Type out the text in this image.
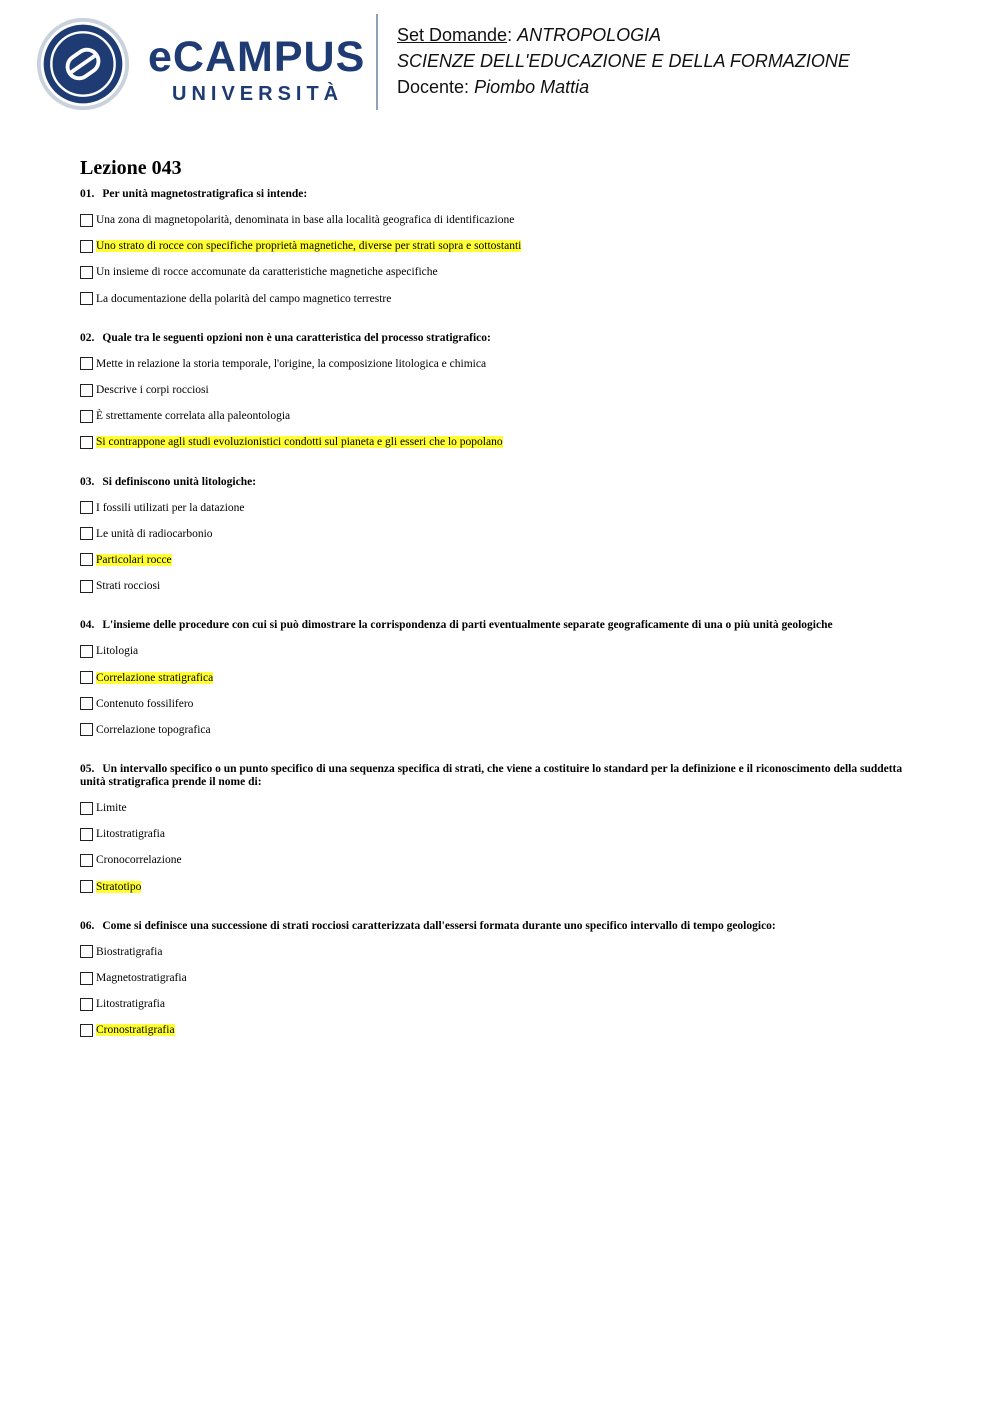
eCAMPUS
UNIVERSITÀ
Set Domande: ANTROPOLOGIA
SCIENZE DELL'EDUCAZIONE E DELLA FORMAZIONE
Docente: Piombo Mattia
Lezione 043
01. Per unità magnetostratigrafica si intende:
Una zona di magnetopolarità, denominata in base alla località geografica di identificazione
Uno strato di rocce con specifiche proprietà magnetiche, diverse per strati sopra e sottostanti
Un insieme di rocce accomunate da caratteristiche magnetiche aspecifiche
La documentazione della polarità del campo magnetico terrestre
02. Quale tra le seguenti opzioni non è una caratteristica del processo stratigrafico:
Mette in relazione la storia temporale, l'origine, la composizione litologica e chimica
Descrive i corpi rocciosi
È strettamente correlata alla paleontologia
Si contrappone agli studi evoluzionistici condotti sul pianeta e gli esseri che lo popolano
03. Si definiscono unità litologiche:
I fossili utilizati per la datazione
Le unità di radiocarbonio
Particolari rocce
Strati rocciosi
04. L'insieme delle procedure con cui si può dimostrare la corrispondenza di parti eventualmente separate geograficamente di una o più unità geologiche
Litologia
Correlazione stratigrafica
Contenuto fossilifero
Correlazione topografica
05. Un intervallo specifico o un punto specifico di una sequenza specifica di strati, che viene a costituire lo standard per la definizione e il riconoscimento della suddetta unità stratigrafica prende il nome di:
Limite
Litostratigrafia
Cronocorrelazione
Stratotipo
06. Come si definisce una successione di strati rocciosi caratterizzata dall'essersi formata durante uno specifico intervallo di tempo geologico:
Biostratigrafia
Magnetostratigrafia
Litostratigrafia
Cronostratigrafia
